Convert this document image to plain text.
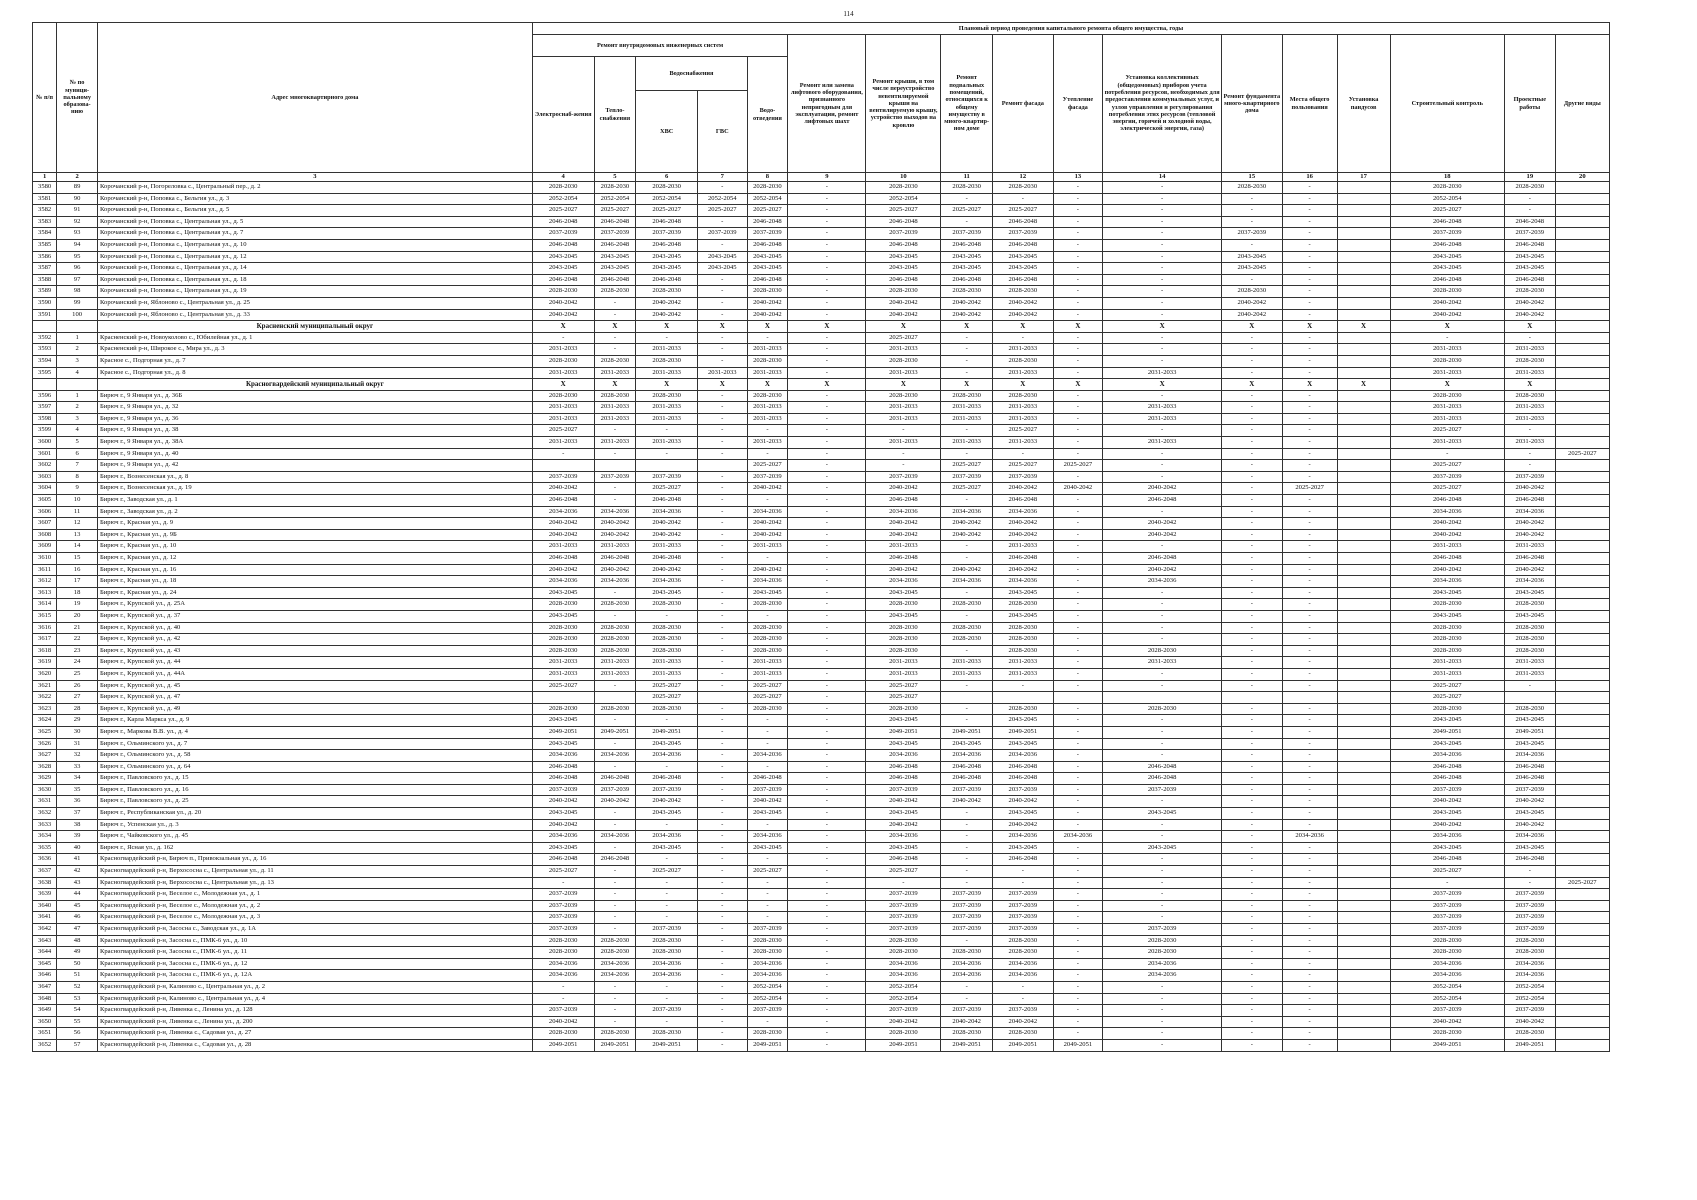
114
№ п/п	№ по муници-пальному образова-нию	Адрес многоквартирного дома	Плановый период проведения капитального ремонта общего имущества, годы																
			Ремонт внутридомовых инженерных систем					Ремонт или замена лифтового оборудования, признанного непригодным для эксплуатации, ремонт лифтовых шахт	Ремонт крыши, в том числе переустройство невентилируемой крыши на вентилируемую крышу, устройство выходов на кровлю	Ремонт подвальных помещений, относящихся к общему имуществу в много-квартир-ном доме	Ремонт фасада	Утепление фасада	Установка коллективных (общедомовых) приборов учета потребления ресурсов, необходимых для предоставления коммунальных услуг, и узлов управления и регулирования потребления этих ресурсов (тепловой энергии, горячей и холодной воды, электрической энергии, газа)	Ремонт фундамента много-квартирного дома	Места общего пользования	Установка пандусов	Строительный контроль	Проектные работы	Другие виды
			Электроснаб-жения	Тепло-снабжения	Водоснабжения		Водо-отведения												
					ХВС	ГВС													
1	2	3	4	5	6	7	8	9	10	11	12	13	14	15	16	17	18	19	20
3580	89	Корочанский р-н, Погореловка с., Центральный пер., д. 2	2028-2030	2028-2030	2028-2030	-	2028-2030	-	2028-2030	2028-2030	2028-2030	-	-	2028-2030	-		2028-2030	2028-2030	
3581	90	Корочанский р-н, Поповка с., Бельгия ул., д. 3	2052-2054	2052-2054	2052-2054	2052-2054	2052-2054	-	2052-2054	-	-	-	-	-	-		2052-2054	-	
3582	91	Корочанский р-н, Поповка с., Бельгия ул., д. 5	2025-2027	2025-2027	2025-2027	2025-2027	2025-2027	-	2025-2027	2025-2027	2025-2027	-	-	-	-		2025-2027	-	
3583	92	Корочанский р-н, Поповка с., Центральная ул., д. 5	2046-2048	2046-2048	2046-2048	-	2046-2048	-	2046-2048	-	2046-2048	-	-	-	-		2046-2048	2046-2048	
3584	93	Корочанский р-н, Поповка с., Центральная ул., д. 7	2037-2039	2037-2039	2037-2039	2037-2039	2037-2039	-	2037-2039	2037-2039	2037-2039	-	-	2037-2039	-		2037-2039	2037-2039	
3585	94	Корочанский р-н, Поповка с., Центральная ул., д. 10	2046-2048	2046-2048	2046-2048	-	2046-2048	-	2046-2048	2046-2048	2046-2048	-	-	-	-		2046-2048	2046-2048	
3586	95	Корочанский р-н, Поповка с., Центральная ул., д. 12	2043-2045	2043-2045	2043-2045	2043-2045	2043-2045	-	2043-2045	2043-2045	2043-2045	-	-	2043-2045	-		2043-2045	2043-2045	
3587	96	Корочанский р-н, Поповка с., Центральная ул., д. 14	2043-2045	2043-2045	2043-2045	2043-2045	2043-2045	-	2043-2045	2043-2045	2043-2045	-	-	2043-2045	-		2043-2045	2043-2045	
3588	97	Корочанский р-н, Поповка с., Центральная ул., д. 18	2046-2048	2046-2048	2046-2048	-	2046-2048	-	2046-2048	2046-2048	2046-2048	-	-	-	-		2046-2048	2046-2048	
3589	98	Корочанский р-н, Поповка с., Центральная ул., д. 19	2028-2030	2028-2030	2028-2030	-	2028-2030	-	2028-2030	2028-2030	2028-2030	-	-	2028-2030	-		2028-2030	2028-2030	
3590	99	Корочанский р-н, Яблоново с., Центральная ул., д. 25	2040-2042	-	2040-2042	-	2040-2042	-	2040-2042	2040-2042	2040-2042	-	-	2040-2042	-		2040-2042	2040-2042	
3591	100	Корочанский р-н, Яблоново с., Центральная ул., д. 33	2040-2042	-	2040-2042	-	2040-2042	-	2040-2042	2040-2042	2040-2042	-	-	2040-2042	-		2040-2042	2040-2042	
		Красненский муниципальный округ	X	X	X	X	X	X	X	X	X	X	X	X	X	X	X	X	
3592	1	Красненский р-н, Новоуколово с., Юбилейная ул., д. 1	-	-	-	-	-	-	2025-2027	-	-	-	-	-	-		-	-	
3593	2	Красненский р-н, Широкое с., Мира ул., д. 3	2031-2033	-	2031-2033	-	2031-2033	-	2031-2033	-	2031-2033	-	-	-	-		2031-2033	2031-2033	
3594	3	Красное с., Подгорная ул., д. 7	2028-2030	2028-2030	2028-2030	-	2028-2030	-	2028-2030	-	2028-2030	-	-	-	-		2028-2030	2028-2030	
3595	4	Красное с., Подгорная ул., д. 8	2031-2033	2031-2033	2031-2033	2031-2033	2031-2033	-	2031-2033	-	2031-2033	-	2031-2033	-	-		2031-2033	2031-2033	
		Красногвардейский муниципальный округ	X	X	X	X	X	X	X	X	X	X	X	X	X	X	X	X	
3596	1	Бирюч г., 9 Января ул., д. 36Б	2028-2030	2028-2030	2028-2030	-	2028-2030	-	2028-2030	2028-2030	2028-2030	-	-	-	-		2028-2030	2028-2030	
3597	2	Бирюч г., 9 Января ул., д. 32	2031-2033	2031-2033	2031-2033	-	2031-2033	-	2031-2033	2031-2033	2031-2033	-	2031-2033	-	-		2031-2033	2031-2033	
3598	3	Бирюч г., 9 Января ул., д. 36	2031-2033	2031-2033	2031-2033	-	2031-2033	-	2031-2033	2031-2033	2031-2033	-	2031-2033	-	-		2031-2033	2031-2033	
3599	4	Бирюч г., 9 Января ул., д. 38	2025-2027	-	-	-	-	-	-	-	2025-2027	-	-	-	-		2025-2027	-	
3600	5	Бирюч г., 9 Января ул., д. 38А	2031-2033	2031-2033	2031-2033	-	2031-2033	-	2031-2033	2031-2033	2031-2033	-	2031-2033	-	-		2031-2033	2031-2033	
3601	6	Бирюч г., 9 Января ул., д. 40	-	-	-	-	-	-	-	-	-	-	-	-	-		-	-	2025-2027
3602	7	Бирюч г., 9 Января ул., д. 42					2025-2027	-	-	2025-2027	2025-2027	2025-2027	-	-	-		2025-2027	-	
3603	8	Бирюч г., Вознесенская ул., д. 8	2037-2039	2037-2039	2037-2039	-	2037-2039	-	2037-2039	2037-2039	2037-2039	-	-	-	-		2037-2039	2037-2039	
3604	9	Бирюч г., Вознесенская ул., д. 19	2040-2042	-	2025-2027	-	2040-2042	-	2040-2042	2025-2027	2040-2042	2040-2042	2040-2042	-	2025-2027		2025-2027	2040-2042	
3605	10	Бирюч г., Заводская ул., д. 1	2046-2048	-	2046-2048	-	-	-	2046-2048	-	2046-2048	-	2046-2048	-	-		2046-2048	2046-2048	
3606	11	Бирюч г., Заводская ул., д. 2	2034-2036	2034-2036	2034-2036	-	2034-2036	-	2034-2036	2034-2036	2034-2036	-	-	-	-		2034-2036	2034-2036	
3607	12	Бирюч г., Красная ул., д. 9	2040-2042	2040-2042	2040-2042	-	2040-2042	-	2040-2042	2040-2042	2040-2042	-	2040-2042	-	-		2040-2042	2040-2042	
3608	13	Бирюч г., Красная ул., д. 9Б	2040-2042	2040-2042	2040-2042	-	2040-2042	-	2040-2042	2040-2042	2040-2042	-	2040-2042	-	-		2040-2042	2040-2042	
3609	14	Бирюч г., Красная ул., д. 10	2031-2033	2031-2033	2031-2033	-	2031-2033	-	2031-2033	-	2031-2033	-	-	-	-		2031-2033	2031-2033	
3610	15	Бирюч г., Красная ул., д. 12	2046-2048	2046-2048	2046-2048	-	-	-	2046-2048	-	2046-2048	-	2046-2048	-	-		2046-2048	2046-2048	
3611	16	Бирюч г., Красная ул., д. 16	2040-2042	2040-2042	2040-2042	-	2040-2042	-	2040-2042	2040-2042	2040-2042	-	2040-2042	-	-		2040-2042	2040-2042	
3612	17	Бирюч г., Красная ул., д. 18	2034-2036	2034-2036	2034-2036	-	2034-2036	-	2034-2036	2034-2036	2034-2036	-	2034-2036	-	-		2034-2036	2034-2036	
3613	18	Бирюч г., Красная ул., д. 24	2043-2045	-	2043-2045	-	2043-2045	-	2043-2045	-	2043-2045	-	-	-	-		2043-2045	2043-2045	
3614	19	Бирюч г., Крупской ул., д. 25А	2028-2030	2028-2030	2028-2030	-	2028-2030	-	2028-2030	2028-2030	2028-2030	-	-	-	-		2028-2030	2028-2030	
3615	20	Бирюч г., Крупской ул., д. 37	2043-2045	-	-	-	-	-	2043-2045	-	2043-2045	-	-	-	-		2043-2045	2043-2045	
3616	21	Бирюч г., Крупской ул., д. 40	2028-2030	2028-2030	2028-2030	-	2028-2030	-	2028-2030	2028-2030	2028-2030	-	-	-	-		2028-2030	2028-2030	
3617	22	Бирюч г., Крупской ул., д. 42	2028-2030	2028-2030	2028-2030	-	2028-2030	-	2028-2030	2028-2030	2028-2030	-	-	-	-		2028-2030	2028-2030	
3618	23	Бирюч г., Крупской ул., д. 43	2028-2030	2028-2030	2028-2030	-	2028-2030	-	2028-2030	-	2028-2030	-	2028-2030	-	-		2028-2030	2028-2030	
3619	24	Бирюч г., Крупской ул., д. 44	2031-2033	2031-2033	2031-2033	-	2031-2033	-	2031-2033	2031-2033	2031-2033	-	2031-2033	-	-		2031-2033	2031-2033	
3620	25	Бирюч г., Крупской ул., д. 44А	2031-2033	2031-2033	2031-2033	-	2031-2033	-	2031-2033	2031-2033	2031-2033	-	-	-	-		2031-2033	2031-2033	
3621	26	Бирюч г., Крупской ул., д. 45	2025-2027	-	2025-2027	-	2025-2027	-	2025-2027	-	-	-	-	-	-		2025-2027	-	
3622	27	Бирюч г., Крупской ул., д. 47			2025-2027		2025-2027	-	2025-2027								2025-2027		
3623	28	Бирюч г., Крупской ул., д. 49	2028-2030	2028-2030	2028-2030	-	2028-2030	-	2028-2030	-	2028-2030	-	2028-2030	-	-		2028-2030	2028-2030	
3624	29	Бирюч г., Карла Маркса ул., д. 9	2043-2045	-	-	-	-	-	2043-2045	-	2043-2045	-	-	-	-		2043-2045	2043-2045	
3625	30	Бирюч г., Маркова В.В. ул., д. 4	2049-2051	2049-2051	2049-2051	-	-	-	2049-2051	2049-2051	2049-2051	-	-	-	-		2049-2051	2049-2051	
3626	31	Бирюч г., Ольминского ул., д. 7	2043-2045	-	2043-2045	-	-	-	2043-2045	2043-2045	2043-2045	-	-	-	-		2043-2045	2043-2045	
3627	32	Бирюч г., Ольминского ул., д. 58	2034-2036	2034-2036	2034-2036	-	2034-2036	-	2034-2036	2034-2036	2034-2036	-	-	-	-		2034-2036	2034-2036	
3628	33	Бирюч г., Ольминского ул., д. 64	2046-2048	-	-	-	-	-	2046-2048	2046-2048	2046-2048	-	2046-2048	-	-		2046-2048	2046-2048	
3629	34	Бирюч г., Павловского ул., д. 15	2046-2048	2046-2048	2046-2048	-	2046-2048	-	2046-2048	2046-2048	2046-2048	-	2046-2048	-	-		2046-2048	2046-2048	
3630	35	Бирюч г., Павловского ул., д. 16	2037-2039	2037-2039	2037-2039	-	2037-2039	-	2037-2039	2037-2039	2037-2039	-	2037-2039	-	-		2037-2039	2037-2039	
3631	36	Бирюч г., Павловского ул., д. 25	2040-2042	2040-2042	2040-2042	-	2040-2042	-	2040-2042	2040-2042	2040-2042	-	-	-	-		2040-2042	2040-2042	
3632	37	Бирюч г., Республиканская ул., д. 20	2043-2045	-	2043-2045	-	2043-2045	-	2043-2045	-	2043-2045	-	2043-2045	-	-		2043-2045	2043-2045	
3633	38	Бирюч г., Успенская ул., д. 3	2040-2042	-	-	-	-	-	2040-2042	-	2040-2042	-	-	-	-		2040-2042	2040-2042	
3634	39	Бирюч г., Чайковского ул., д. 45	2034-2036	2034-2036	2034-2036	-	2034-2036	-	2034-2036	-	2034-2036	2034-2036	-	-	2034-2036		2034-2036	2034-2036	
3635	40	Бирюч г., Ясная ул., д. 162	2043-2045	-	2043-2045	-	2043-2045	-	2043-2045	-	2043-2045	-	2043-2045	-	-		2043-2045	2043-2045	
3636	41	Красногвардейский р-н, Бирюч п., Привокзальная ул., д. 16	2046-2048	2046-2048	-	-	-	-	2046-2048	-	2046-2048	-	-	-	-		2046-2048	2046-2048	
3637	42	Красногвардейский р-н, Верхососна с., Центральная ул., д. 11	2025-2027	-	2025-2027	-	2025-2027	-	2025-2027	-	-	-	-	-	-		2025-2027	-	
3638	43	Красногвардейский р-н, Верхососна с., Центральная ул., д. 13	-	-	-	-	-	-	-	-	-	-	-	-	-		-	-	2025-2027
3639	44	Красногвардейский р-н, Веселое с., Молодежная ул., д. 1	2037-2039	-	-	-	-	-	2037-2039	2037-2039	2037-2039	-	-	-	-		2037-2039	2037-2039	
3640	45	Красногвардейский р-н, Веселое с., Молодежная ул., д. 2	2037-2039	-	-	-	-	-	2037-2039	2037-2039	2037-2039	-	-	-	-		2037-2039	2037-2039	
3641	46	Красногвардейский р-н, Веселое с., Молодежная ул., д. 3	2037-2039	-	-	-	-	-	2037-2039	2037-2039	2037-2039	-	-	-	-		2037-2039	2037-2039	
3642	47	Красногвардейский р-н, Засосна с., Заводская ул., д. 1А	2037-2039	-	2037-2039	-	2037-2039	-	2037-2039	2037-2039	2037-2039	-	2037-2039	-	-		2037-2039	2037-2039	
3643	48	Красногвардейский р-н, Засосна с., ПМК-6 ул., д. 10	2028-2030	2028-2030	2028-2030	-	2028-2030	-	2028-2030	-	2028-2030	-	2028-2030	-	-		2028-2030	2028-2030	
3644	49	Красногвардейский р-н, Засосна с., ПМК-6 ул., д. 11	2028-2030	2028-2030	2028-2030	-	2028-2030	-	2028-2030	2028-2030	2028-2030	-	2028-2030	-	-		2028-2030	2028-2030	
3645	50	Красногвардейский р-н, Засосна с., ПМК-6 ул., д. 12	2034-2036	2034-2036	2034-2036	-	2034-2036	-	2034-2036	2034-2036	2034-2036	-	2034-2036	-	-		2034-2036	2034-2036	
3646	51	Красногвардейский р-н, Засосна с., ПМК-6 ул., д. 12А	2034-2036	2034-2036	2034-2036	-	2034-2036	-	2034-2036	2034-2036	2034-2036	-	2034-2036	-	-		2034-2036	2034-2036	
3647	52	Красногвардейский р-н, Калиново с., Центральная ул., д. 2	-	-	-	-	2052-2054	-	2052-2054	-	-	-	-	-	-		2052-2054	2052-2054	
3648	53	Красногвардейский р-н, Калиново с., Центральная ул., д. 4	-	-	-	-	2052-2054	-	2052-2054	-	-	-	-	-	-		2052-2054	2052-2054	
3649	54	Красногвардейский р-н, Ливенка с., Ленина ул., д. 128	2037-2039	-	2037-2039	-	2037-2039	-	2037-2039	2037-2039	2037-2039	-	-	-	-		2037-2039	2037-2039	
3650	55	Красногвардейский р-н, Ливенка с., Ленина ул., д. 200	2040-2042	-	-	-	-	-	2040-2042	2040-2042	2040-2042	-	-	-	-		2040-2042	2040-2042	
3651	56	Красногвардейский р-н, Ливенка с., Садовая ул., д. 27	2028-2030	2028-2030	2028-2030	-	2028-2030	-	2028-2030	2028-2030	2028-2030	-	-	-	-		2028-2030	2028-2030	
3652	57	Красногвардейский р-н, Ливенка с., Садовая ул., д. 28	2049-2051	2049-2051	2049-2051	-	2049-2051	-	2049-2051	2049-2051	2049-2051	2049-2051	-	-	-		2049-2051	2049-2051	
